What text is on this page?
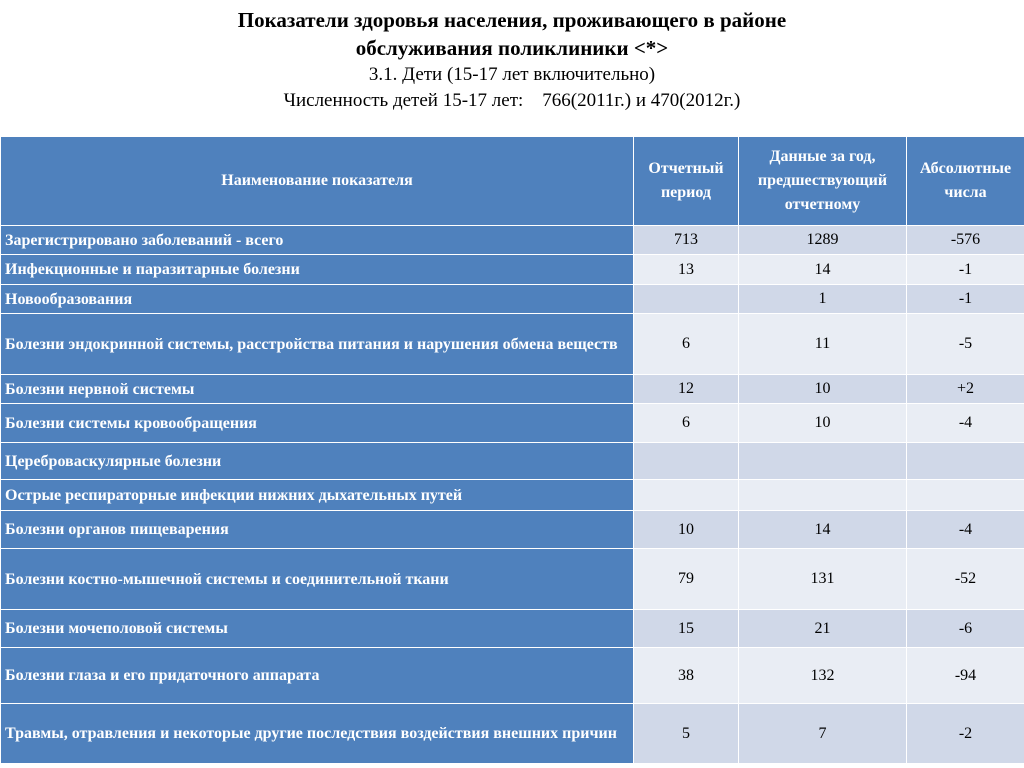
Показатели здоровья населения, проживающего в районе
обслуживания поликлиники <*>
3.1. Дети (15-17 лет включительно)
Численность детей 15-17 лет:    766(2011г.) и 470(2012г.)
Наименование показателя	Отчетный период	Данные за год, предшествующий отчетному	Абсолютные числа
Зарегистрировано заболеваний - всего	713	1289	-576
Инфекционные и паразитарные болезни	13	14	-1
Новообразования		1	-1
Болезни эндокринной системы, расстройства питания и нарушения обмена веществ	6	11	-5
Болезни нервной системы	12	10	+2
Болезни системы кровообращения	6	10	-4
Цереброваскулярные болезни			
Острые респираторные инфекции нижних дыхательных путей			
Болезни органов пищеварения	10	14	-4
Болезни костно-мышечной системы и соединительной ткани	79	131	-52
Болезни мочеполовой системы	15	21	-6
Болезни глаза и его придаточного аппарата	38	132	-94
Травмы, отравления и некоторые другие последствия воздействия внешних причин	5	7	-2
